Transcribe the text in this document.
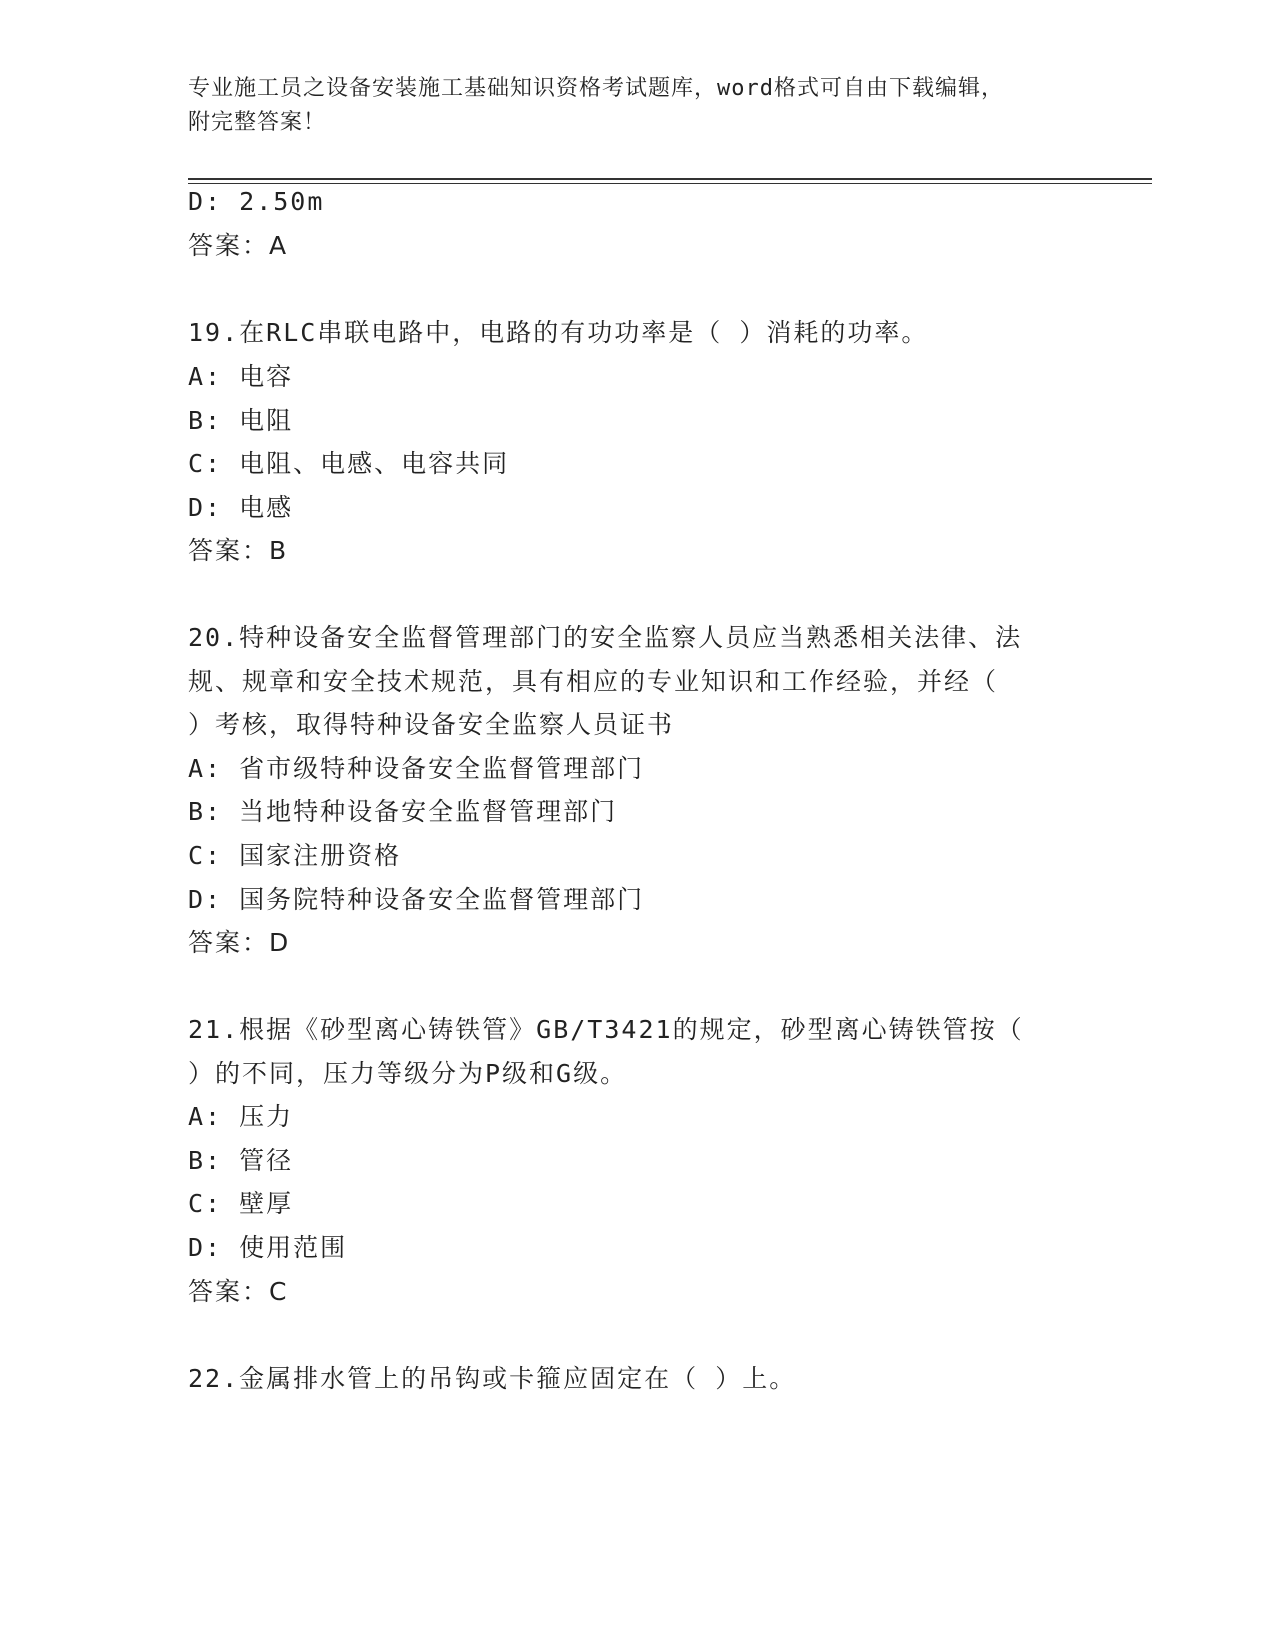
专业施工员之设备安装施工基础知识资格考试题库，word格式可自由下载编辑，
附完整答案！
D: 2.50m
答案：A
19.在RLC串联电路中，电路的有功功率是（ ）消耗的功率。
A: 电容
B: 电阻
C: 电阻、电感、电容共同
D: 电感
答案：B
20.特种设备安全监督管理部门的安全监察人员应当熟悉相关法律、法
规、规章和安全技术规范，具有相应的专业知识和工作经验，并经（
）考核，取得特种设备安全监察人员证书
A: 省市级特种设备安全监督管理部门
B: 当地特种设备安全监督管理部门
C: 国家注册资格
D: 国务院特种设备安全监督管理部门
答案：D
21.根据《砂型离心铸铁管》GB/T3421的规定，砂型离心铸铁管按（
）的不同，压力等级分为P级和G级。
A: 压力
B: 管径
C: 壁厚
D: 使用范围
答案：C
22.金属排水管上的吊钩或卡箍应固定在（ ）上。
